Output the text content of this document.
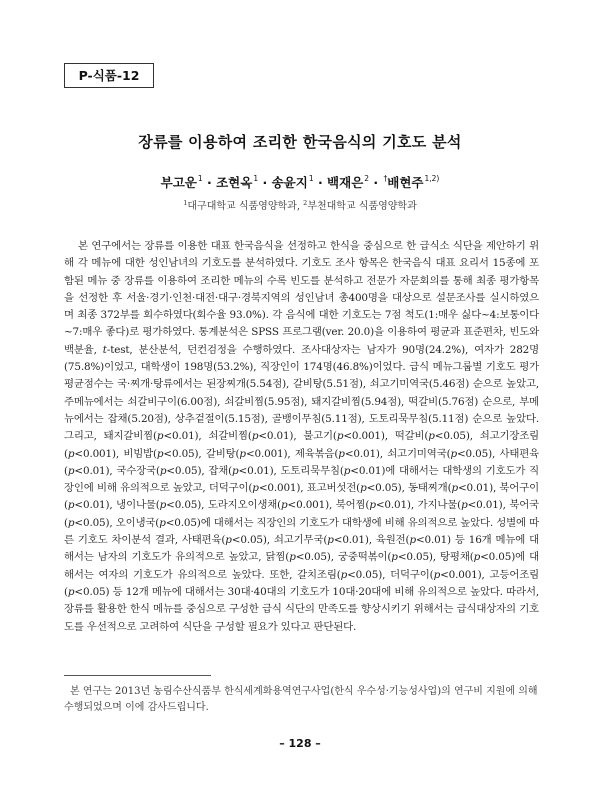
P-식품-12
장류를 이용하여 조리한 한국음식의 기호도 분석
부고운$^1$ · 조현옥$^1$ · 송윤지$^1$ · 백재은$^2$ · †배현주$^{1,2)}$
$^1$대구대학교 식품영양학과, $^2$부천대학교 식품영양학과

본 연구에서는 장류를 이용한 대표 한국음식을 선정하고 한식을 중심으로 한 급식소 식단을 제안하기 위해 각 메뉴에 대한 성인남녀의 기호도를 분석하였다. 기호도 조사 항목은 한국음식 대표 요리서 15종에 포함된 메뉴 중 장류를 이용하여 조리한 메뉴의 수록 빈도를 분석하고 전문가 자문회의를 통해 최종 평가항목을 선정한 후 서울·경기·인천·대전·대구·경북지역의 성인남녀 총400명을 대상으로 설문조사를 실시하였으며 최종 372부를 회수하였다(회수율 93.0%). 각 음식에 대한 기호도는 7점 척도(1:매우 싫다~4:보통이다~7:매우 좋다)로 평가하였다. 통계분석은 SPSS 프로그램(ver. 20.0)을 이용하여 평균과 표준편차, 빈도와 백분율, t-test, 분산분석, 던컨검정을 수행하였다. 조사대상자는 남자가 90명(24.2%), 여자가 282명(75.8%)이었고, 대학생이 198명(53.2%), 직장인이 174명(46.8%)이었다. 급식 메뉴그룹별 기호도 평가 평균점수는 국·찌개·탕류에서는 된장찌개(5.54점), 갈비탕(5.51점), 쇠고기미역국(5.46점) 순으로 높았고, 주메뉴에서는 쇠갈비구이(6.00점), 쇠갈비찜(5.95점), 돼지갈비찜(5.94점), 떡갈비(5.76점) 순으로, 부메뉴에서는 잡채(5.20점), 상추겉절이(5.15점), 골뱅이무침(5.11점), 도토리묵무침(5.11점) 순으로 높았다. 그리고, 돼지갈비찜(p<0.01), 쇠갈비찜(p<0.01), 불고기(p<0.001), 떡갈비(p<0.05), 쇠고기장조림(p<0.001), 비빔밥(p<0.05), 갈비탕(p<0.001), 제육볶음(p<0.01), 쇠고기미역국(p<0.05), 사태편육(p<0.01), 국수장국(p<0.05), 잡채(p<0.01), 도토리묵무침(p<0.01)에 대해서는 대학생의 기호도가 직장인에 비해 유의적으로 높았고, 더덕구이(p<0.001), 표고버섯전(p<0.05), 동태찌개(p<0.01), 북어구이(p<0.01), 냉이나물(p<0.05), 도라지오이생채(p<0.001), 북어찜(p<0.01), 가지나물(p<0.01), 북어국(p<0.05), 오이냉국(p<0.05)에 대해서는 직장인의 기호도가 대학생에 비해 유의적으로 높았다. 성별에 따른 기호도 차이분석 결과, 사태편육(p<0.05), 쇠고기무국(p<0.01), 육원전(p<0.01) 등 16개 메뉴에 대해서는 남자의 기호도가 유의적으로 높았고, 닭찜(p<0.05), 궁중떡볶이(p<0.05), 탕평채(p<0.05)에 대해서는 여자의 기호도가 유의적으로 높았다. 또한, 갈치조림(p<0.05), 더덕구이(p<0.001), 고등어조림(p<0.05) 등 12개 메뉴에 대해서는 30대·40대의 기호도가 10대·20대에 비해 유의적으로 높았다. 따라서, 장류를 활용한 한식 메뉴를 중심으로 구성한 급식 식단의 만족도를 향상시키기 위해서는 급식대상자의 기호도를 우선적으로 고려하여 식단을 구성할 필요가 있다고 판단된다.

본 연구는 2013년 농림수산식품부 한식세계화용역연구사업(한식 우수성·기능성사업)의 연구비 지원에 의해 수행되었으며 이에 감사드립니다.

– 128 –
